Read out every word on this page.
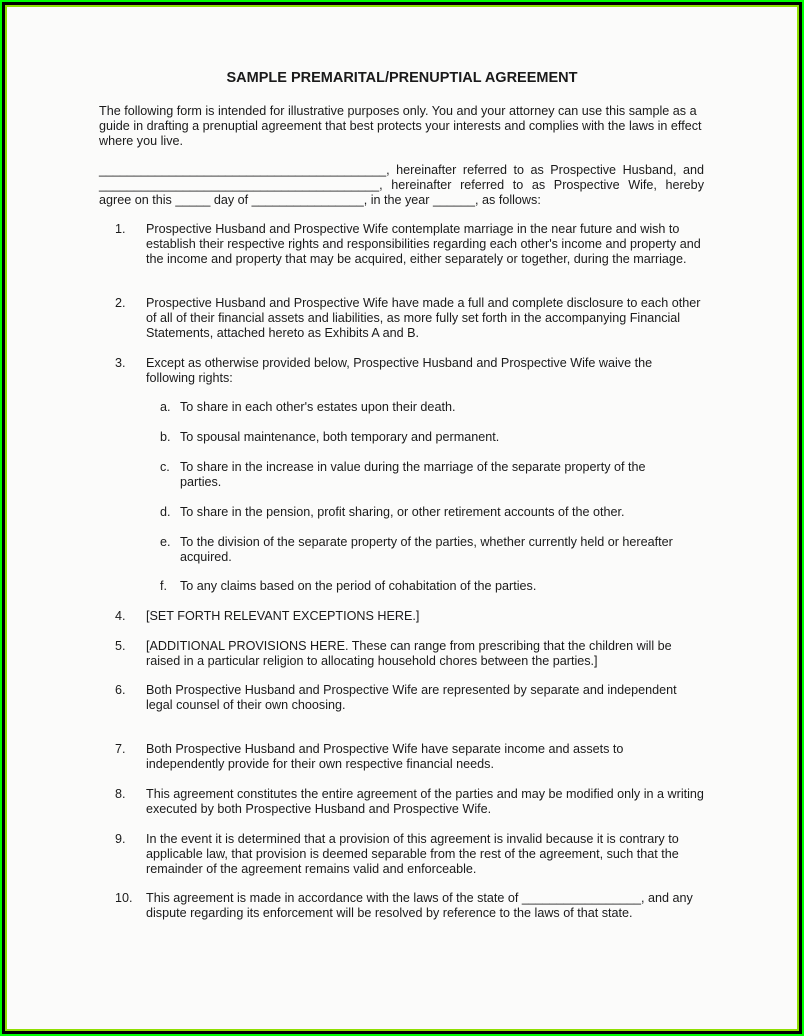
SAMPLE PREMARITAL/PRENUPTIAL AGREEMENT
The following form is intended for illustrative purposes only. You and your attorney can use this sample as a guide in drafting a prenuptial agreement that best protects your interests and complies with the laws in effect where you live.
_________________________________________, hereinafter referred to as Prospective Husband, and
________________________________________, hereinafter referred to as Prospective Wife, hereby
agree on this _____ day of ________________, in the year ______, as follows:
1. Prospective Husband and Prospective Wife contemplate marriage in the near future and wish to establish their respective rights and responsibilities regarding each other's income and property and the income and property that may be acquired, either separately or together, during the marriage.
2. Prospective Husband and Prospective Wife have made a full and complete disclosure to each other of all of their financial assets and liabilities, as more fully set forth in the accompanying Financial Statements, attached hereto as Exhibits A and B.
3. Except as otherwise provided below, Prospective Husband and Prospective Wife waive the following rights:
a. To share in each other's estates upon their death.
b. To spousal maintenance, both temporary and permanent.
c. To share in the increase in value during the marriage of the separate property of the parties.
d. To share in the pension, profit sharing, or other retirement accounts of the other.
e. To the division of the separate property of the parties, whether currently held or hereafter acquired.
f. To any claims based on the period of cohabitation of the parties.
4. [SET FORTH RELEVANT EXCEPTIONS HERE.]
5. [ADDITIONAL PROVISIONS HERE. These can range from prescribing that the children will be raised in a particular religion to allocating household chores between the parties.]
6. Both Prospective Husband and Prospective Wife are represented by separate and independent legal counsel of their own choosing.
7. Both Prospective Husband and Prospective Wife have separate income and assets to independently provide for their own respective financial needs.
8. This agreement constitutes the entire agreement of the parties and may be modified only in a writing executed by both Prospective Husband and Prospective Wife.
9. In the event it is determined that a provision of this agreement is invalid because it is contrary to applicable law, that provision is deemed separable from the rest of the agreement, such that the remainder of the agreement remains valid and enforceable.
10. This agreement is made in accordance with the laws of the state of _________________, and any dispute regarding its enforcement will be resolved by reference to the laws of that state.
